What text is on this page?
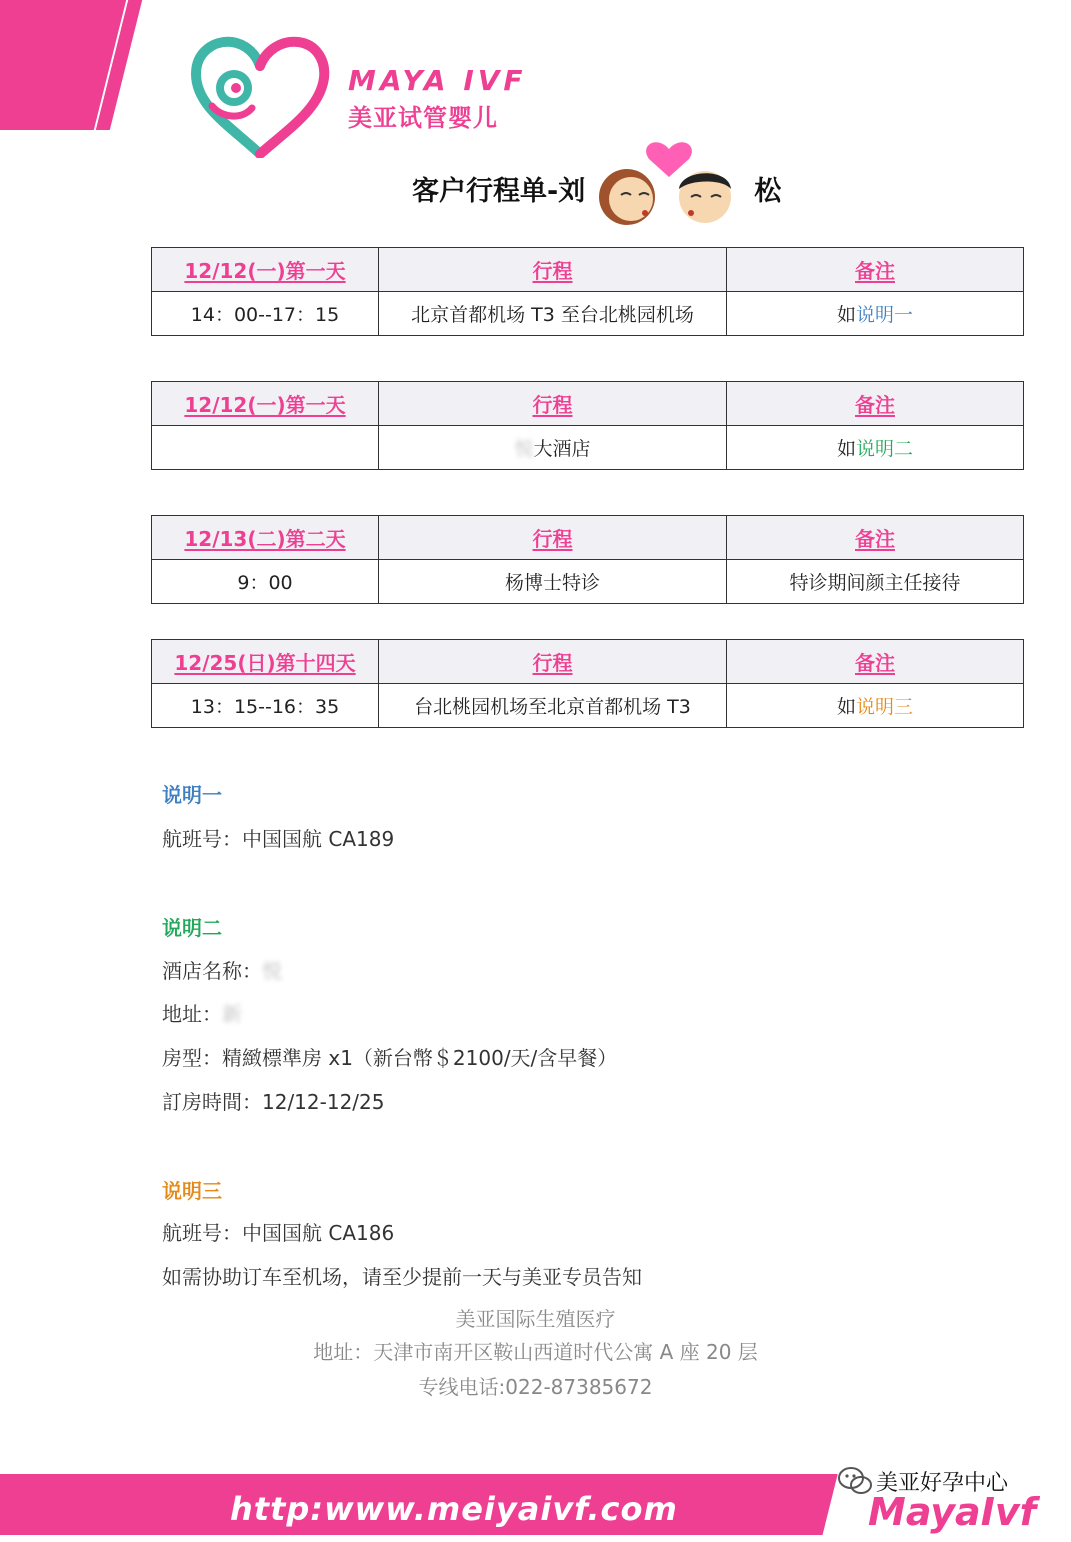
MAYA IVF
美亚试管婴儿
客户行程单-刘	松
12/12(一)第一天	行程	备注
14：00--17：15	北京首都机场 T3 至台北桃园机场	如说明一
12/12(一)第一天	行程	备注
	悦大酒店	如说明二
12/13(二)第二天	行程	备注
9：00	杨博士特诊	特诊期间颜主任接待
12/25(日)第十四天	行程	备注
13：15--16：35	台北桃园机场至北京首都机场 T3	如说明三
说明一
航班号：中国国航 CA189
说明二
酒店名称：悦
地址：新
房型：精緻標準房 x1（新台幣＄2100/天/含早餐）
訂房時間：12/12-12/25
说明三
航班号：中国国航 CA186
如需协助订车至机场，请至少提前一天与美亚专员告知
美亚国际生殖医疗
地址：天津市南开区鞍山西道时代公寓 A 座 20 层
专线电话:022-87385672
http:www.meiyaivf.com
美亚好孕中心
MayaIvf
